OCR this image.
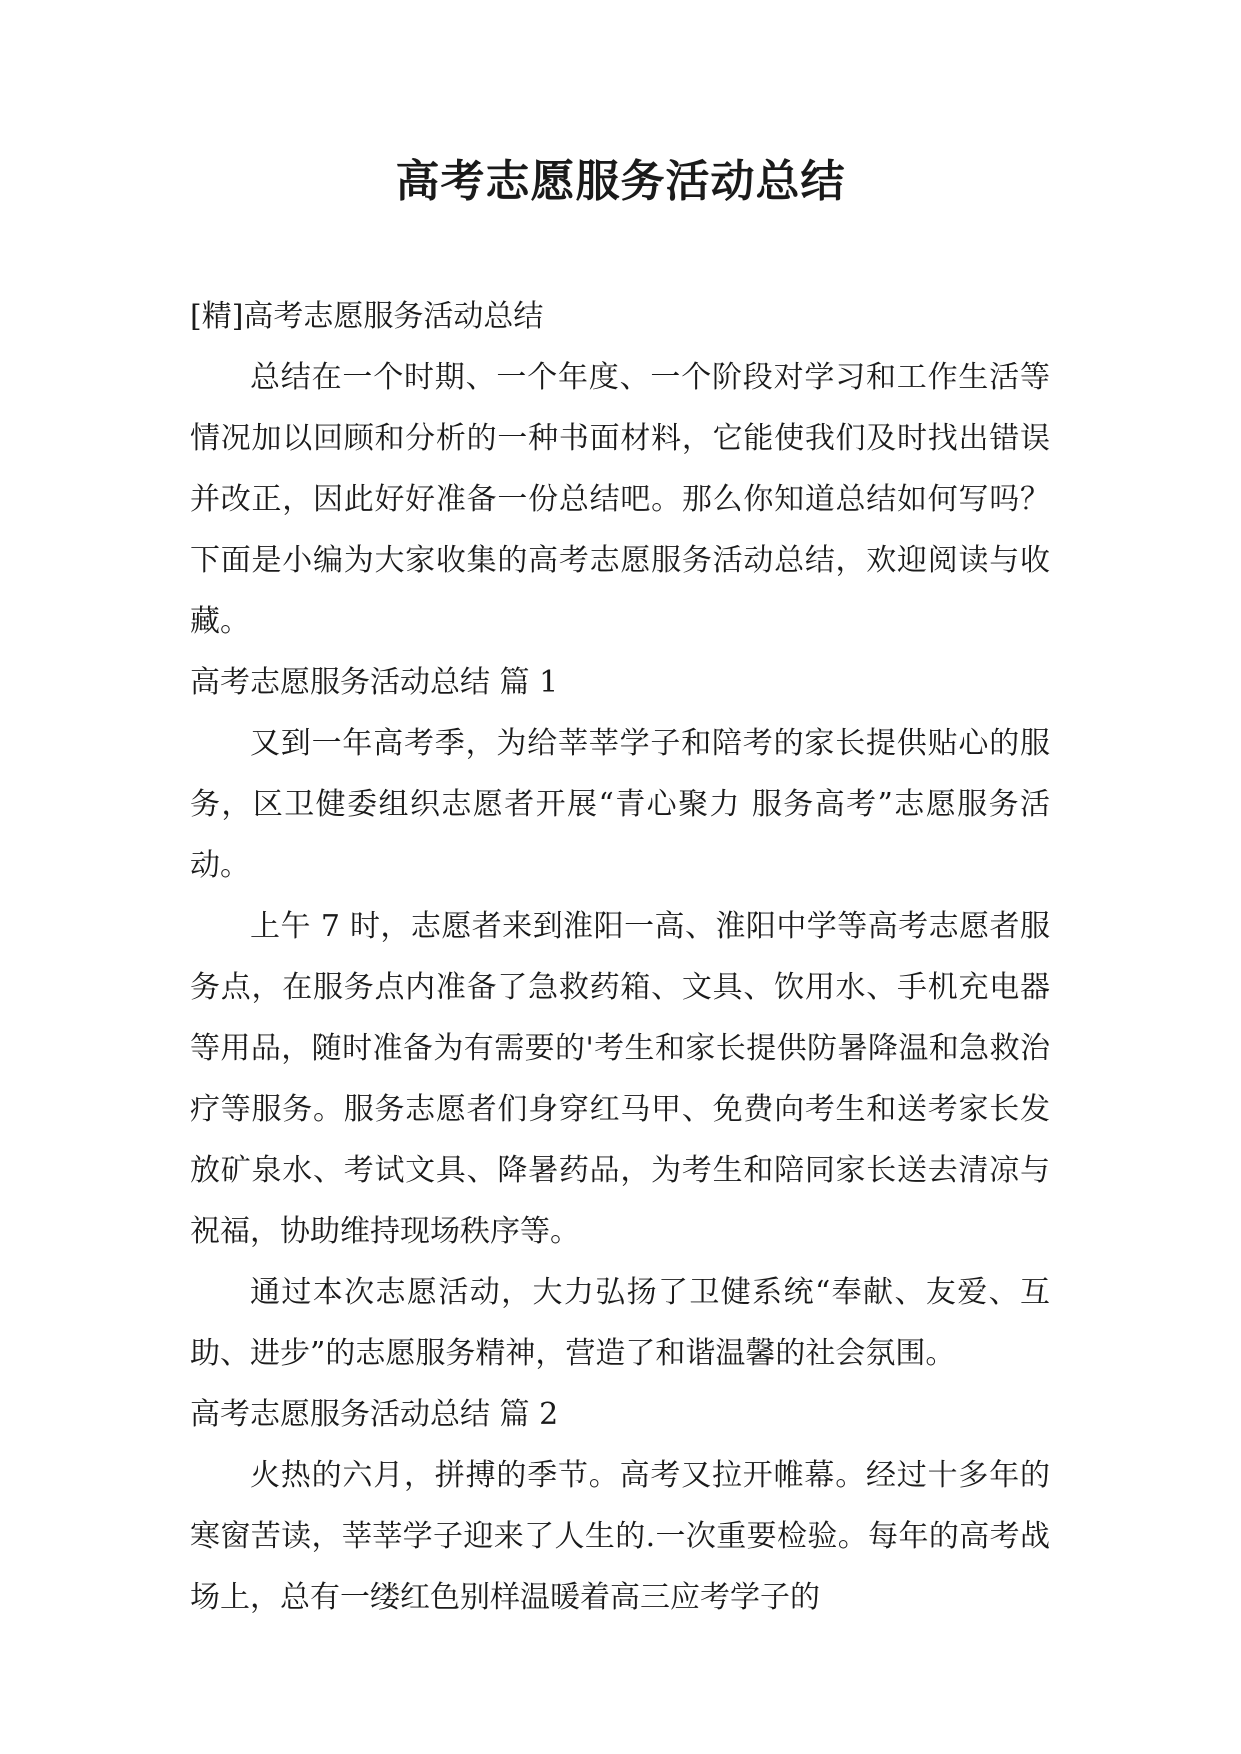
高考志愿服务活动总结

[精]高考志愿服务活动总结

总结在一个时期、一个年度、一个阶段对学习和工作生活等情况加以回顾和分析的一种书面材料，它能使我们及时找出错误并改正，因此好好准备一份总结吧。那么你知道总结如何写吗？下面是小编为大家收集的高考志愿服务活动总结，欢迎阅读与收藏。

高考志愿服务活动总结 篇 1

又到一年高考季，为给莘莘学子和陪考的家长提供贴心的服务，区卫健委组织志愿者开展“青心聚力 服务高考”志愿服务活动。

上午 7 时，志愿者来到淮阳一高、淮阳中学等高考志愿者服务点，在服务点内准备了急救药箱、文具、饮用水、手机充电器等用品，随时准备为有需要的'考生和家长提供防暑降温和急救治疗等服务。服务志愿者们身穿红马甲、免费向考生和送考家长发放矿泉水、考试文具、降暑药品，为考生和陪同家长送去清凉与祝福，协助维持现场秩序等。

通过本次志愿活动，大力弘扬了卫健系统“奉献、友爱、互助、进步”的志愿服务精神，营造了和谐温馨的社会氛围。

高考志愿服务活动总结 篇 2

火热的六月，拼搏的季节。高考又拉开帷幕。经过十多年的寒窗苦读，莘莘学子迎来了人生的.一次重要检验。每年的高考战场上，总有一缕红色别样温暖着高三应考学子的
